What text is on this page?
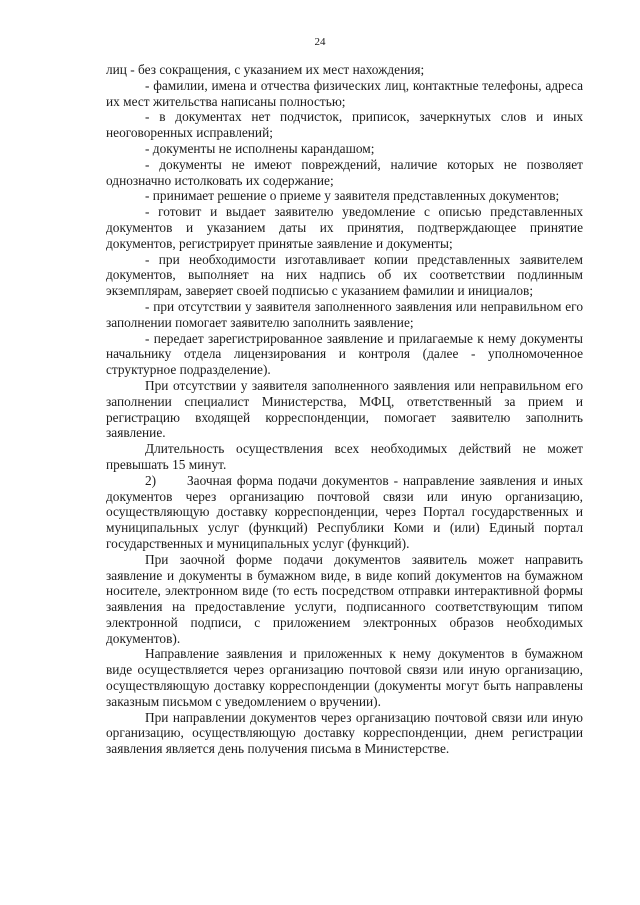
24

лиц - без сокращения, с указанием их мест нахождения;

- фамилии, имена и отчества физических лиц, контактные телефоны, адреса их мест жительства написаны полностью;

- в документах нет подчисток, приписок, зачеркнутых слов и иных неоговоренных исправлений;

- документы не исполнены карандашом;

- документы не имеют повреждений, наличие которых не позволяет однозначно истолковать их содержание;

- принимает решение о приеме у заявителя представленных документов;

- готовит и выдает заявителю уведомление с описью представленных документов и указанием даты их принятия, подтверждающее принятие документов, регистрирует принятые заявление и документы;

- при необходимости изготавливает копии представленных заявителем документов, выполняет на них надпись об их соответствии подлинным экземплярам, заверяет своей подписью с указанием фамилии и инициалов;

- при отсутствии у заявителя заполненного заявления или неправильном его заполнении помогает заявителю заполнить заявление;

- передает зарегистрированное заявление и прилагаемые к нему документы начальнику отдела лицензирования и контроля (далее - уполномоченное структурное подразделение).

При отсутствии у заявителя заполненного заявления или неправильном его заполнении специалист Министерства, МФЦ, ответственный за прием и регистрацию входящей корреспонденции, помогает заявителю заполнить заявление.

Длительность осуществления всех необходимых действий не может превышать 15 минут.

2) Заочная форма подачи документов - направление заявления и иных документов через организацию почтовой связи или иную организацию, осуществляющую доставку корреспонденции, через Портал государственных и муниципальных услуг (функций) Республики Коми и (или) Единый портал государственных и муниципальных услуг (функций).

При заочной форме подачи документов заявитель может направить заявление и документы в бумажном виде, в виде копий документов на бумажном носителе, электронном виде (то есть посредством отправки интерактивной формы заявления на предоставление услуги, подписанного соответствующим типом электронной подписи, с приложением электронных образов необходимых документов).

Направление заявления и приложенных к нему документов в бумажном виде осуществляется через организацию почтовой связи или иную организацию, осуществляющую доставку корреспонденции (документы могут быть направлены заказным письмом с уведомлением о вручении).

При направлении документов через организацию почтовой связи или иную организацию, осуществляющую доставку корреспонденции, днем регистрации заявления является день получения письма в Министерстве.
